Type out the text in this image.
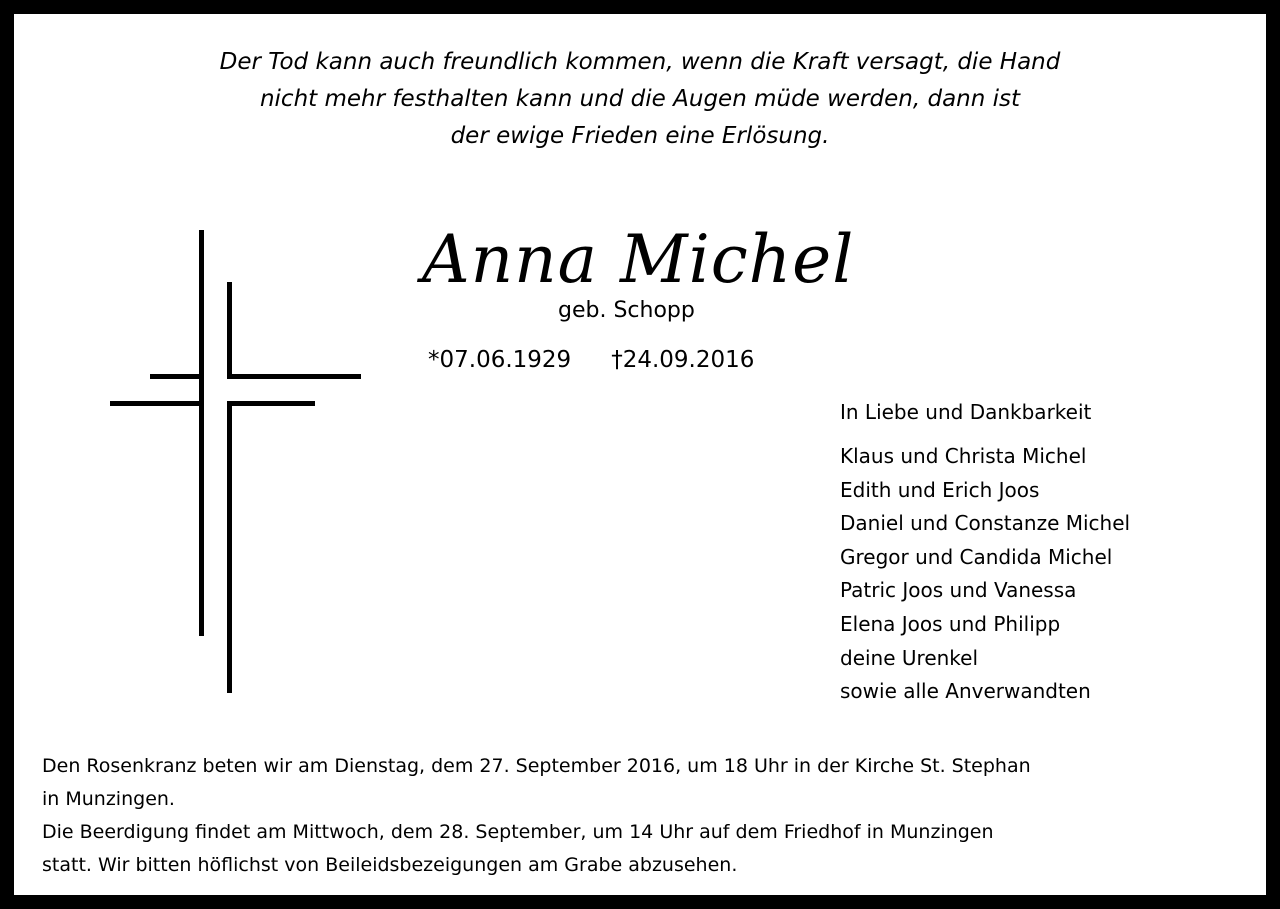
Der Tod kann auch freundlich kommen, wenn die Kraft versagt, die Hand
nicht mehr festhalten kann und die Augen müde werden, dann ist
der ewige Frieden eine Erlösung.
Anna Michel
geb. Schopp
*07.06.1929 †24.09.2016
In Liebe und Dankbarkeit
Klaus und Christa Michel
Edith und Erich Joos
Daniel und Constanze Michel
Gregor und Candida Michel
Patric Joos und Vanessa
Elena Joos und Philipp
deine Urenkel
sowie alle Anverwandten
Den Rosenkranz beten wir am Dienstag, dem 27. September 2016, um 18 Uhr in der Kirche St. Stephan
in Munzingen.
Die Beerdigung findet am Mittwoch, dem 28. September, um 14 Uhr auf dem Friedhof in Munzingen
statt. Wir bitten höflichst von Beileidsbezeigungen am Grabe abzusehen.
